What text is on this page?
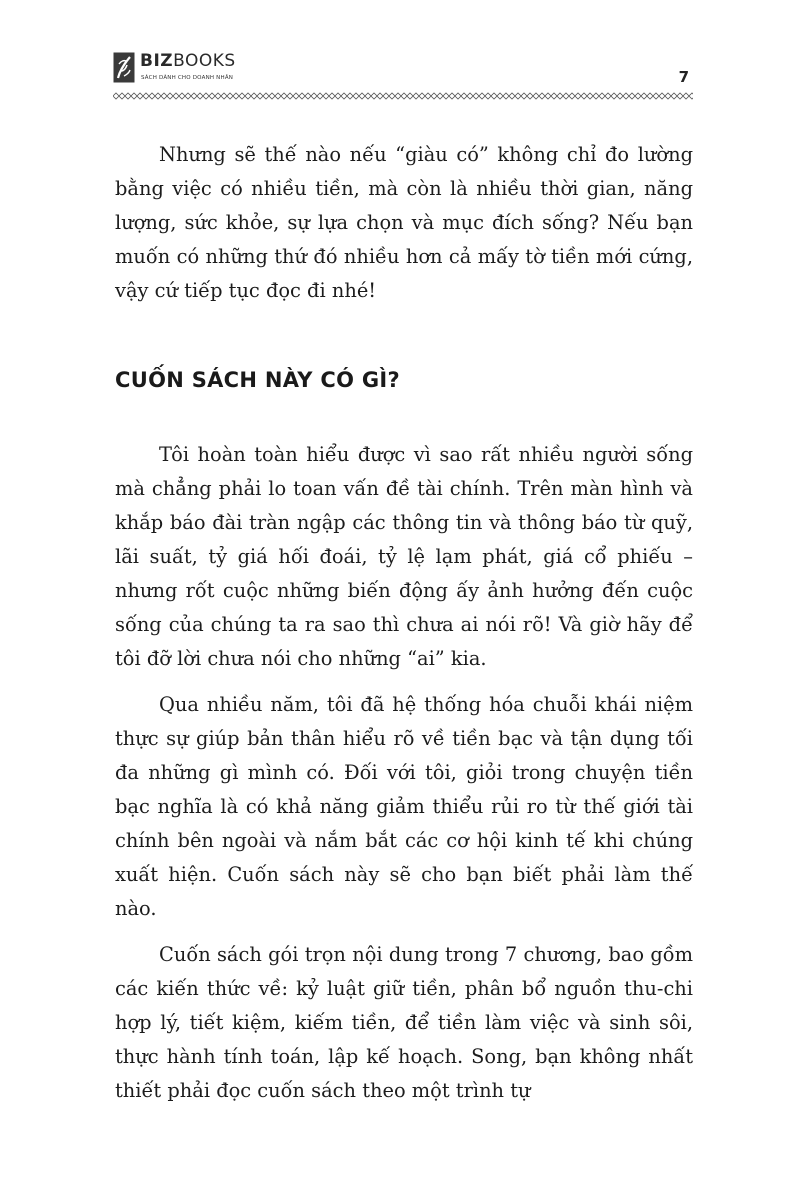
BIZBOOKS
SÁCH DÀNH CHO DOANH NHÂN	7

Nhưng sẽ thế nào nếu “giàu có” không chỉ đo lường bằng việc có nhiều tiền, mà còn là nhiều thời gian, năng lượng, sức khỏe, sự lựa chọn và mục đích sống? Nếu bạn muốn có những thứ đó nhiều hơn cả mấy tờ tiền mới cứng, vậy cứ tiếp tục đọc đi nhé!

CUỐN SÁCH NÀY CÓ GÌ?

Tôi hoàn toàn hiểu được vì sao rất nhiều người sống mà chẳng phải lo toan vấn đề tài chính. Trên màn hình và khắp báo đài tràn ngập các thông tin và thông báo từ quỹ, lãi suất, tỷ giá hối đoái, tỷ lệ lạm phát, giá cổ phiếu – nhưng rốt cuộc những biến động ấy ảnh hưởng đến cuộc sống của chúng ta ra sao thì chưa ai nói rõ! Và giờ hãy để tôi đỡ lời chưa nói cho những “ai” kia.

Qua nhiều năm, tôi đã hệ thống hóa chuỗi khái niệm thực sự giúp bản thân hiểu rõ về tiền bạc và tận dụng tối đa những gì mình có. Đối với tôi, giỏi trong chuyện tiền bạc nghĩa là có khả năng giảm thiểu rủi ro từ thế giới tài chính bên ngoài và nắm bắt các cơ hội kinh tế khi chúng xuất hiện. Cuốn sách này sẽ cho bạn biết phải làm thế nào.

Cuốn sách gói trọn nội dung trong 7 chương, bao gồm các kiến thức về: kỷ luật giữ tiền, phân bổ nguồn thu-chi hợp lý, tiết kiệm, kiếm tiền, để tiền làm việc và sinh sôi, thực hành tính toán, lập kế hoạch. Song, bạn không nhất thiết phải đọc cuốn sách theo một trình tự
